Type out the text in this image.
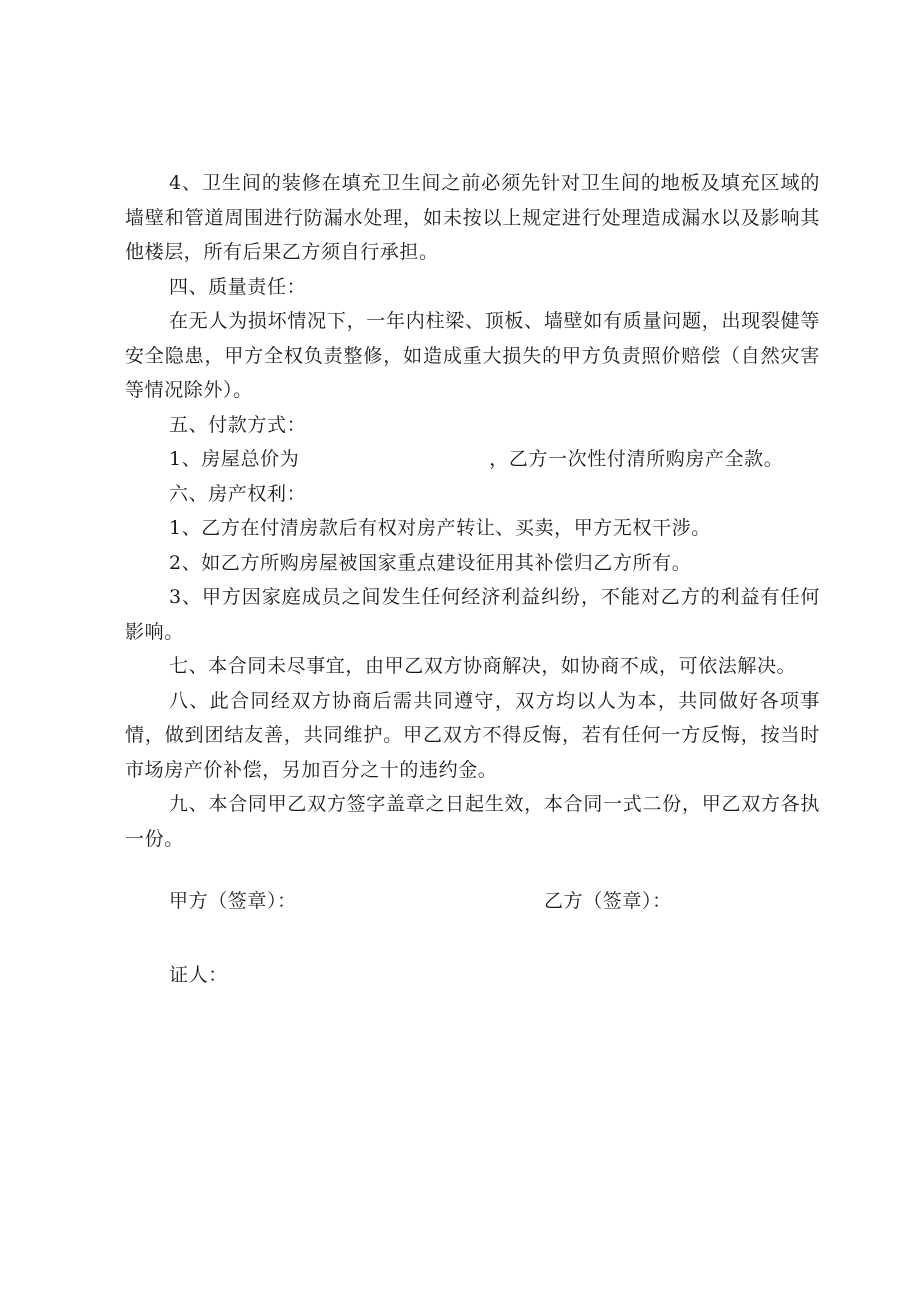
4、卫生间的装修在填充卫生间之前必须先针对卫生间的地板及填充区域的墙壁和管道周围进行防漏水处理，如未按以上规定进行处理造成漏水以及影响其他楼层，所有后果乙方须自行承担。

四、质量责任：

在无人为损坏情况下，一年内柱梁、顶板、墙壁如有质量问题，出现裂健等安全隐患，甲方全权负责整修，如造成重大损失的甲方负责照价赔偿（自然灾害等情况除外）。

五、付款方式：

1、房屋总价为	，乙方一次性付清所购房产全款。

六、房产权利：

1、乙方在付清房款后有权对房产转让、买卖，甲方无权干涉。

2、如乙方所购房屋被国家重点建设征用其补偿归乙方所有。

3、甲方因家庭成员之间发生任何经济利益纠纷，不能对乙方的利益有任何影响。

七、本合同未尽事宜，由甲乙双方协商解决，如协商不成，可依法解决。

八、此合同经双方协商后需共同遵守，双方均以人为本，共同做好各项事情，做到团结友善，共同维护。甲乙双方不得反悔，若有任何一方反悔，按当时市场房产价补偿，另加百分之十的违约金。

九、本合同甲乙双方签字盖章之日起生效，本合同一式二份，甲乙双方各执一份。

甲方（签章）：	乙方（签章）：
证人：
